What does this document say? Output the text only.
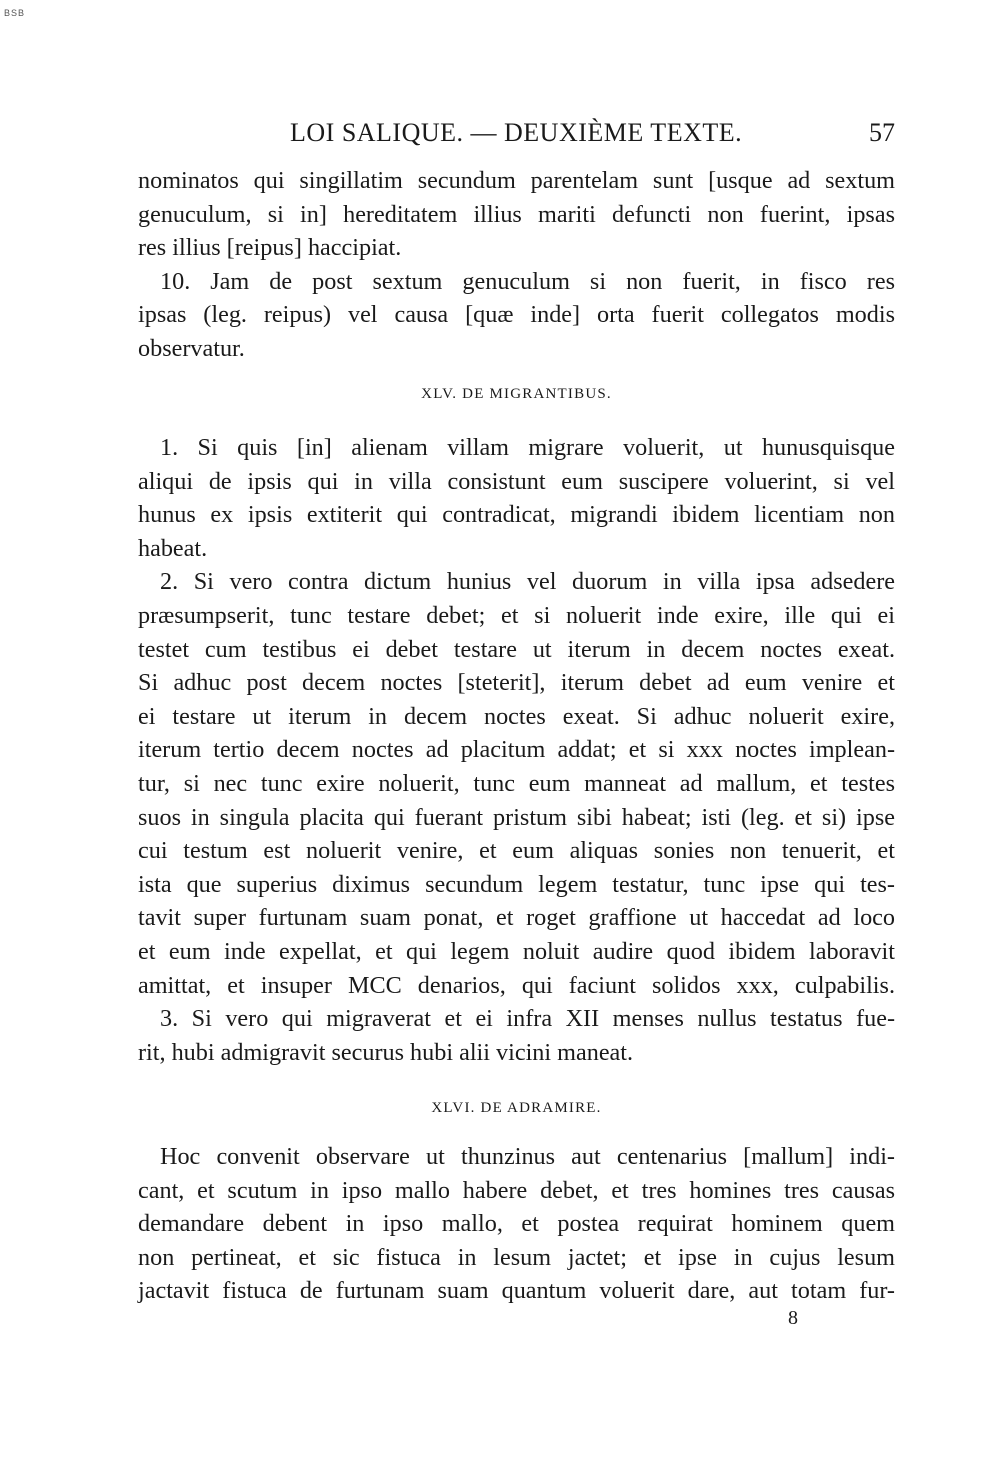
BSB
LOI SALIQUE. — DEUXIÈME TEXTE.	57
nominatos qui singillatim secundum parentelam sunt [usque ad sextum
genuculum, si in] hereditatem illius mariti defuncti non fuerint, ipsas
res illius [reipus] haccipiat.
10. Jam de post sextum genuculum si non fuerit, in fisco res
ipsas (leg. reipus) vel causa [quæ inde] orta fuerit collegatos modis
observatur.
XLV. DE MIGRANTIBUS.
1. Si quis [in] alienam villam migrare voluerit, ut hunusquisque
aliqui de ipsis qui in villa consistunt eum suscipere voluerint, si vel
hunus ex ipsis extiterit qui contradicat, migrandi ibidem licentiam non
habeat.
2. Si vero contra dictum hunius vel duorum in villa ipsa adsedere
præsumpserit, tunc testare debet; et si noluerit inde exire, ille qui ei
testet cum testibus ei debet testare ut iterum in decem noctes exeat.
Si adhuc post decem noctes [steterit], iterum debet ad eum venire et
ei testare ut iterum in decem noctes exeat. Si adhuc noluerit exire,
iterum tertio decem noctes ad placitum addat; et si xxx noctes implean-
tur, si nec tunc exire noluerit, tunc eum manneat ad mallum, et testes
suos in singula placita qui fuerant pristum sibi habeat; isti (leg. et si) ipse
cui testum est noluerit venire, et eum aliquas sonies non tenuerit, et
ista que superius diximus secundum legem testatur, tunc ipse qui tes-
tavit super furtunam suam ponat, et roget graffione ut haccedat ad loco
et eum inde expellat, et qui legem noluit audire quod ibidem laboravit
amittat, et insuper MCC denarios, qui faciunt solidos xxx, culpabilis.
3. Si vero qui migraverat et ei infra XII menses nullus testatus fue-
rit, hubi admigravit securus hubi alii vicini maneat.
XLVI. DE ADRAMIRE.
Hoc convenit observare ut thunzinus aut centenarius [mallum] indi-
cant, et scutum in ipso mallo habere debet, et tres homines tres causas
demandare debent in ipso mallo, et postea requirat hominem quem
non pertineat, et sic fistuca in lesum jactet; et ipse in cujus lesum
jactavit fistuca de furtunam suam quantum voluerit dare, aut totam fur-
8
